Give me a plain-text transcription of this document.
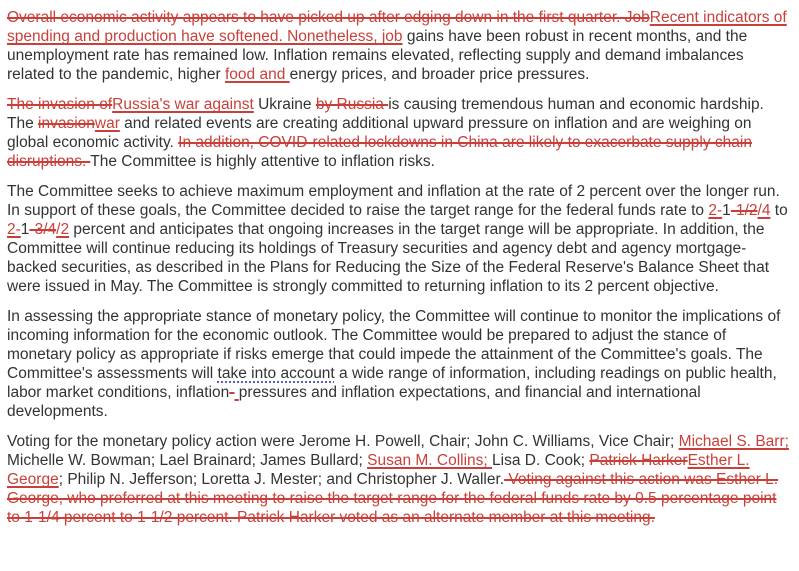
Overall economic activity appears to have picked up after edging down in the first quarter. JobRecent indicators of spending and production have softened. Nonetheless, job gains have been robust in recent months, and the unemployment rate has remained low. Inflation remains elevated, reflecting supply and demand imbalances related to the pandemic, higher food and energy prices, and broader price pressures.

The invasion ofRussia's war against Ukraine by Russia is causing tremendous human and economic hardship. The invasionwar and related events are creating additional upward pressure on inflation and are weighing on global economic activity. In addition, COVID-related lockdowns in China are likely to exacerbate supply chain disruptions. The Committee is highly attentive to inflation risks.

The Committee seeks to achieve maximum employment and inflation at the rate of 2 percent over the longer run. In support of these goals, the Committee decided to raise the target range for the federal funds rate to 2-1-1/2/4 to 2-1-3/4/2 percent and anticipates that ongoing increases in the target range will be appropriate. In addition, the Committee will continue reducing its holdings of Treasury securities and agency debt and agency mortgage-backed securities, as described in the Plans for Reducing the Size of the Federal Reserve's Balance Sheet that were issued in May. The Committee is strongly committed to returning inflation to its 2 percent objective.

In assessing the appropriate stance of monetary policy, the Committee will continue to monitor the implications of incoming information for the economic outlook. The Committee would be prepared to adjust the stance of monetary policy as appropriate if risks emerge that could impede the attainment of the Committee's goals. The Committee's assessments will take into account a wide range of information, including readings on public health, labor market conditions, inflation- pressures and inflation expectations, and financial and international developments.

Voting for the monetary policy action were Jerome H. Powell, Chair; John C. Williams, Vice Chair; Michael S. Barr; Michelle W. Bowman; Lael Brainard; James Bullard; Susan M. Collins; Lisa D. Cook; Patrick HarkerEsther L. George; Philip N. Jefferson; Loretta J. Mester; and Christopher J. Waller. Voting against this action was Esther L. George, who preferred at this meeting to raise the target range for the federal funds rate by 0.5 percentage point to 1-1/4 percent to 1-1/2 percent. Patrick Harker voted as an alternate member at this meeting.
